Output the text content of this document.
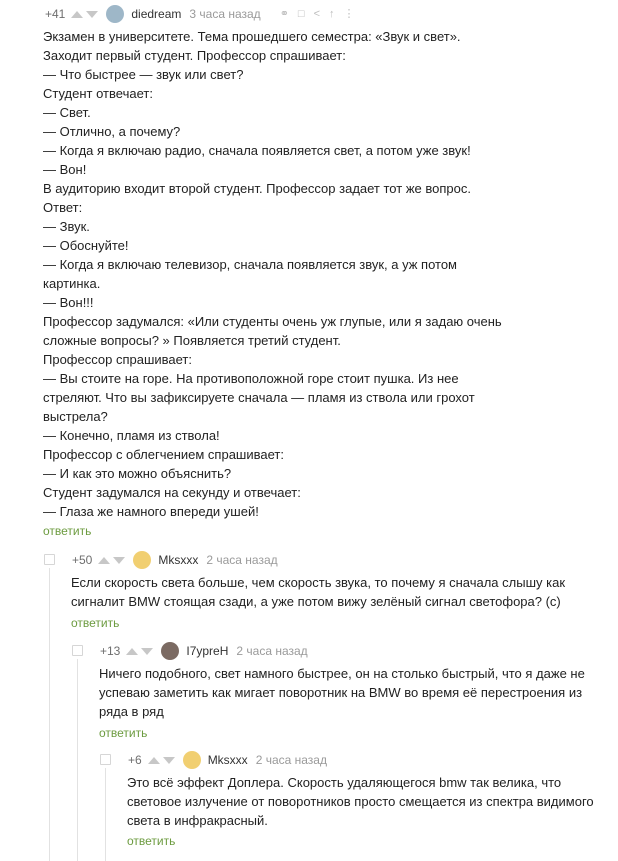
+41	diedream 3 часа назад ⚭ □ < ↑ ⋮
Экзамен в университете. Тема прошедшего семестра: «Звук и свет».
Заходит первый студент. Профессор спрашивает:
— Что быстрее — звук или свет?
Студент отвечает:
— Свет.
— Отлично, а почему?
— Когда я включаю радио, сначала появляется свет, а потом уже звук!
— Вон!
В аудиторию входит второй студент. Профессор задает тот же вопрос.
Ответ:
— Звук.
— Обоснуйте!
— Когда я включаю телевизор, сначала появляется звук, а уж потом
картинка.
— Вон!!!
Профессор задумался: «Или студенты очень уж глупые, или я задаю очень
сложные вопросы? » Появляется третий студент.
Профессор спрашивает:
— Вы стоите на горе. На противоположной горе стоит пушка. Из нее
стреляют. Что вы зафиксируете сначала — пламя из ствола или грохот
выстрела?
— Конечно, пламя из ствола!
Профессор с облегчением спрашивает:
— И как это можно объяснить?
Студент задумался на секунду и отвечает:
— Глаза же намного впереди ушей!
ответить
+50	Mksxxx 2 часа назад
Если скорость света больше, чем скорость звука, то почему я сначала слышу как
сигналит BMW стоящая сзади, а уже потом вижу зелёный сигнал светофора? (с)
ответить
+13	I7ypreH 2 часа назад
Ничего подобного, свет намного быстрее, он на столько быстрый, что я даже не
успеваю заметить как мигает поворотник на BMW во время её перестроения из
ряда в ряд
ответить
+6	Mksxxx 2 часа назад
Это всё эффект Доплера. Скорость удаляющегося bmw так велика, что
световое излучение от поворотников просто смещается из спектра видимого
света в инфракрасный.
ответить
